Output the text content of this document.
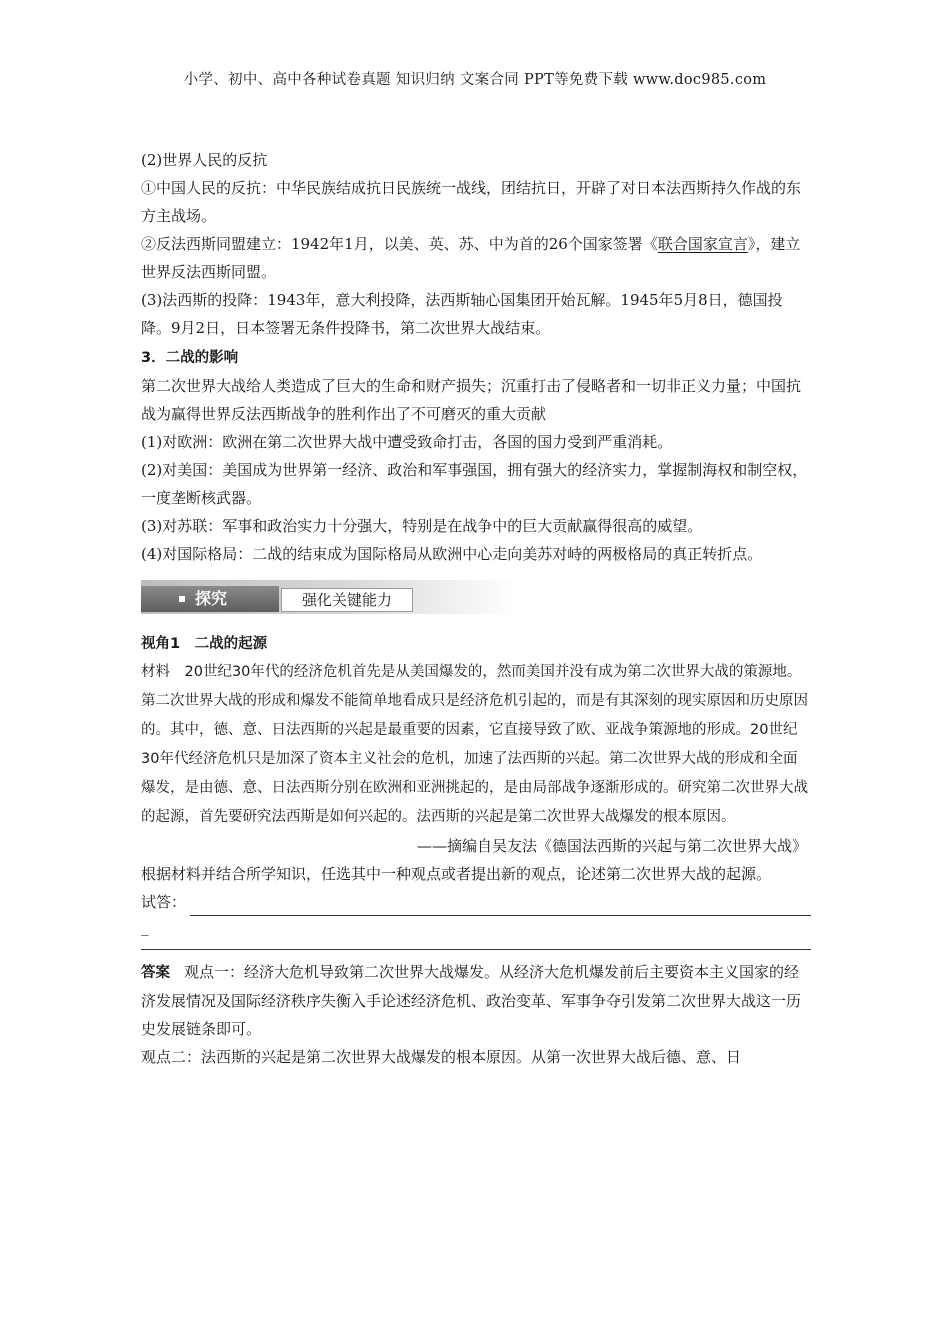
小学、初中、高中各种试卷真题 知识归纳 文案合同 PPT等免费下载 www.doc985.com

(2)世界人民的反抗

①中国人民的反抗：中华民族结成抗日民族统一战线，团结抗日，开辟了对日本法西斯持久作战的东方主战场。

②反法西斯同盟建立：1942年1月，以美、英、苏、中为首的26个国家签署《联合国家宣言》，建立世界反法西斯同盟。

(3)法西斯的投降：1943年，意大利投降，法西斯轴心国集团开始瓦解。1945年5月8日，德国投降。9月2日，日本签署无条件投降书，第二次世界大战结束。

3．二战的影响

第二次世界大战给人类造成了巨大的生命和财产损失；沉重打击了侵略者和一切非正义力量；中国抗战为赢得世界反法西斯战争的胜利作出了不可磨灭的重大贡献

(1)对欧洲：欧洲在第二次世界大战中遭受致命打击，各国的国力受到严重消耗。

(2)对美国：美国成为世界第一经济、政治和军事强国，拥有强大的经济实力，掌握制海权和制空权，一度垄断核武器。

(3)对苏联：军事和政治实力十分强大，特别是在战争中的巨大贡献赢得很高的威望。

(4)对国际格局：二战的结束成为国际格局从欧洲中心走向美苏对峙的两极格局的真正转折点。

探究	强化关键能力

视角1　二战的起源

材料　20世纪30年代的经济危机首先是从美国爆发的，然而美国并没有成为第二次世界大战的策源地。第二次世界大战的形成和爆发不能简单地看成只是经济危机引起的，而是有其深刻的现实原因和历史原因的。其中，德、意、日法西斯的兴起是最重要的因素，它直接导致了欧、亚战争策源地的形成。20世纪30年代经济危机只是加深了资本主义社会的危机，加速了法西斯的兴起。第二次世界大战的形成和全面爆发，是由德、意、日法西斯分别在欧洲和亚洲挑起的，是由局部战争逐渐形成的。研究第二次世界大战的起源，首先要研究法西斯是如何兴起的。法西斯的兴起是第二次世界大战爆发的根本原因。

——摘编自吴友法《德国法西斯的兴起与第二次世界大战》

根据材料并结合所学知识，任选其中一种观点或者提出新的观点，论述第二次世界大战的起源。

试答：
_

答案 观点一：经济大危机导致第二次世界大战爆发。从经济大危机爆发前后主要资本主义国家的经济发展情况及国际经济秩序失衡入手论述经济危机、政治变革、军事争夺引发第二次世界大战这一历史发展链条即可。

观点二：法西斯的兴起是第二次世界大战爆发的根本原因。从第一次世界大战后德、意、日
